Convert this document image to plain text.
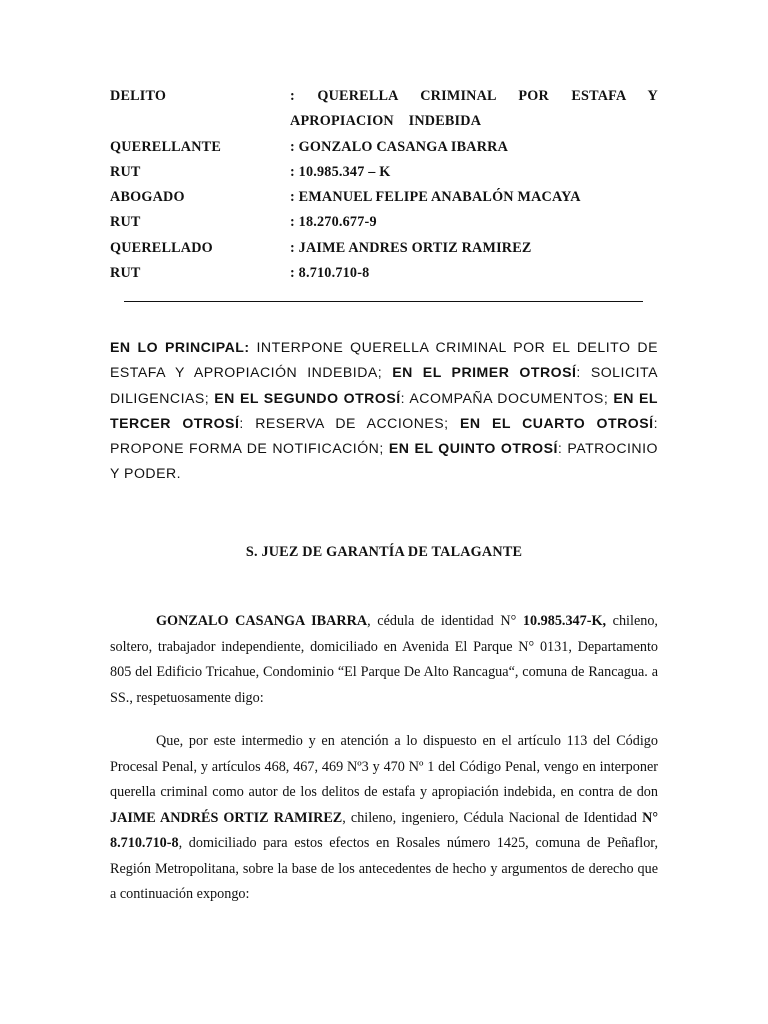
DELITO	: QUERELLA CRIMINAL POR ESTAFA Y APROPIACION INDEBIDA
QUERELLANTE	: GONZALO CASANGA IBARRA
RUT	: 10.985.347 – K
ABOGADO	: EMANUEL FELIPE ANABALÓN MACAYA
RUT	: 18.270.677-9
QUERELLADO	: JAIME ANDRES ORTIZ RAMIREZ
RUT	: 8.710.710-8
EN LO PRINCIPAL: INTERPONE QUERELLA CRIMINAL POR EL DELITO DE ESTAFA Y APROPIACIÓN INDEBIDA; EN EL PRIMER OTROSÍ: SOLICITA DILIGENCIAS; EN EL SEGUNDO OTROSÍ: ACOMPAÑA DOCUMENTOS; EN EL TERCER OTROSÍ: RESERVA DE ACCIONES; EN EL CUARTO OTROSÍ: PROPONE FORMA DE NOTIFICACIÓN; EN EL QUINTO OTROSÍ: PATROCINIO Y PODER.
S. JUEZ DE GARANTÍA DE TALAGANTE
GONZALO CASANGA IBARRA, cédula de identidad N° 10.985.347-K, chileno, soltero, trabajador independiente, domiciliado en Avenida El Parque N° 0131, Departamento 805 del Edificio Tricahue, Condominio “El Parque De Alto Rancagua“, comuna de Rancagua. a SS., respetuosamente digo:
Que, por este intermedio y en atención a lo dispuesto en el artículo 113 del Código Procesal Penal, y artículos 468, 467, 469 Nº3 y 470 Nº 1 del Código Penal, vengo en interponer querella criminal como autor de los delitos de estafa y apropiación indebida, en contra de don JAIME ANDRÉS ORTIZ RAMIREZ, chileno, ingeniero, Cédula Nacional de Identidad N° 8.710.710-8, domiciliado para estos efectos en Rosales número 1425, comuna de Peñaflor, Región Metropolitana, sobre la base de los antecedentes de hecho y argumentos de derecho que a continuación expongo:
